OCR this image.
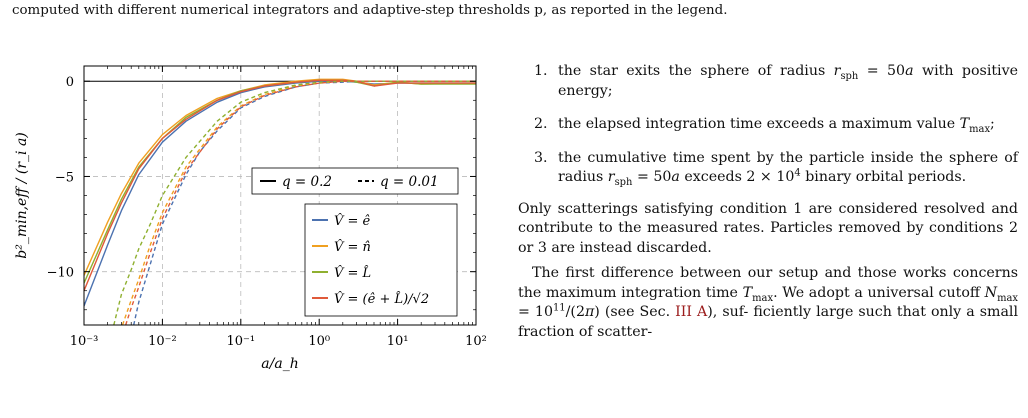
computed with different numerical integrators and adaptive-step thresholds p, as reported in the legend.
10⁻³	10⁻²	10⁻¹	10⁰	10¹	10²
0
−5
−10
q = 0.2	q = 0.01
V̂ = ê
V̂ = n̂
V̂ = L̂
V̂ = (ê + L̂)/√2
a/a_h
b²_min,eff / (r_i a)
1. the star exits the sphere of radius $r_{sph} = 50a$ with positive energy;
2. the elapsed integration time exceeds a maximum value $T_{max}$;
3. the cumulative time spent by the particle inside the sphere of radius $r_{sph} = 50a$ exceeds $2 \times 10^4$ binary orbital periods.

Only scatterings satisfying condition 1 are considered resolved and contribute to the measured rates. Particles removed by conditions 2 or 3 are instead discarded.

The first difference between our setup and those works concerns the maximum integration time $T_{max}$. We adopt a universal cutoff $N_{max} = 10^{11}/(2\pi)$ (see Sec. III A), suf- ficiently large such that only a small fraction of scatter-
